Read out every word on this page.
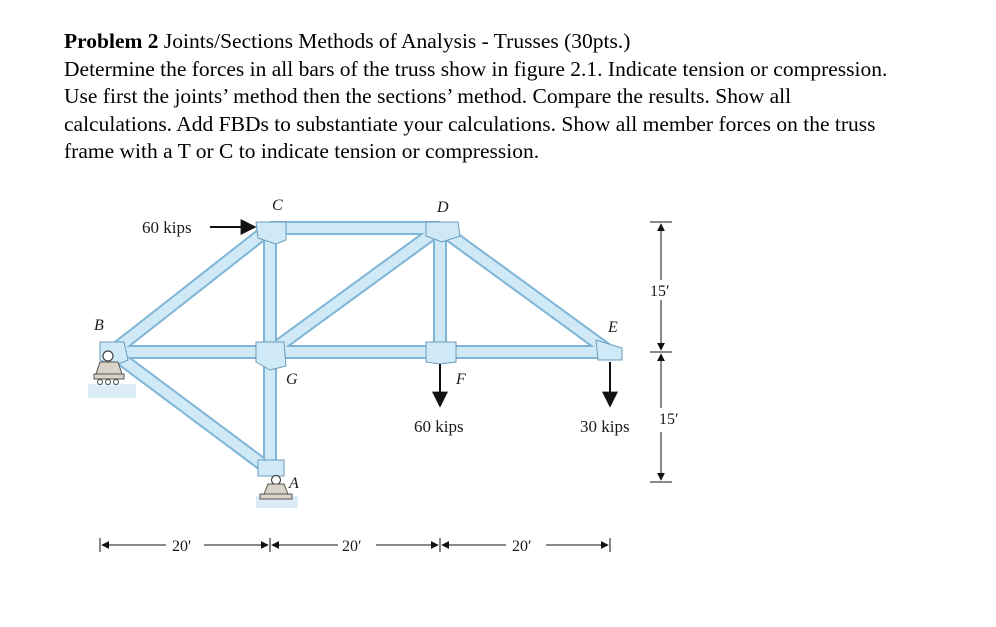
Problem 2 Joints/Sections Methods of Analysis - Trusses (30pts.)

Determine the forces in all bars of the truss show in figure 2.1. Indicate tension or compression.

Use first the joints’ method then the sections’ method. Compare the results. Show all

calculations. Add FBDs to substantiate your calculations. Show all member forces on the truss

frame with a T or C to indicate tension or compression.

C	D
B	E
G	F
A
60 kips
60 kips	30 kips
15′
15′
20′	20′	20′
